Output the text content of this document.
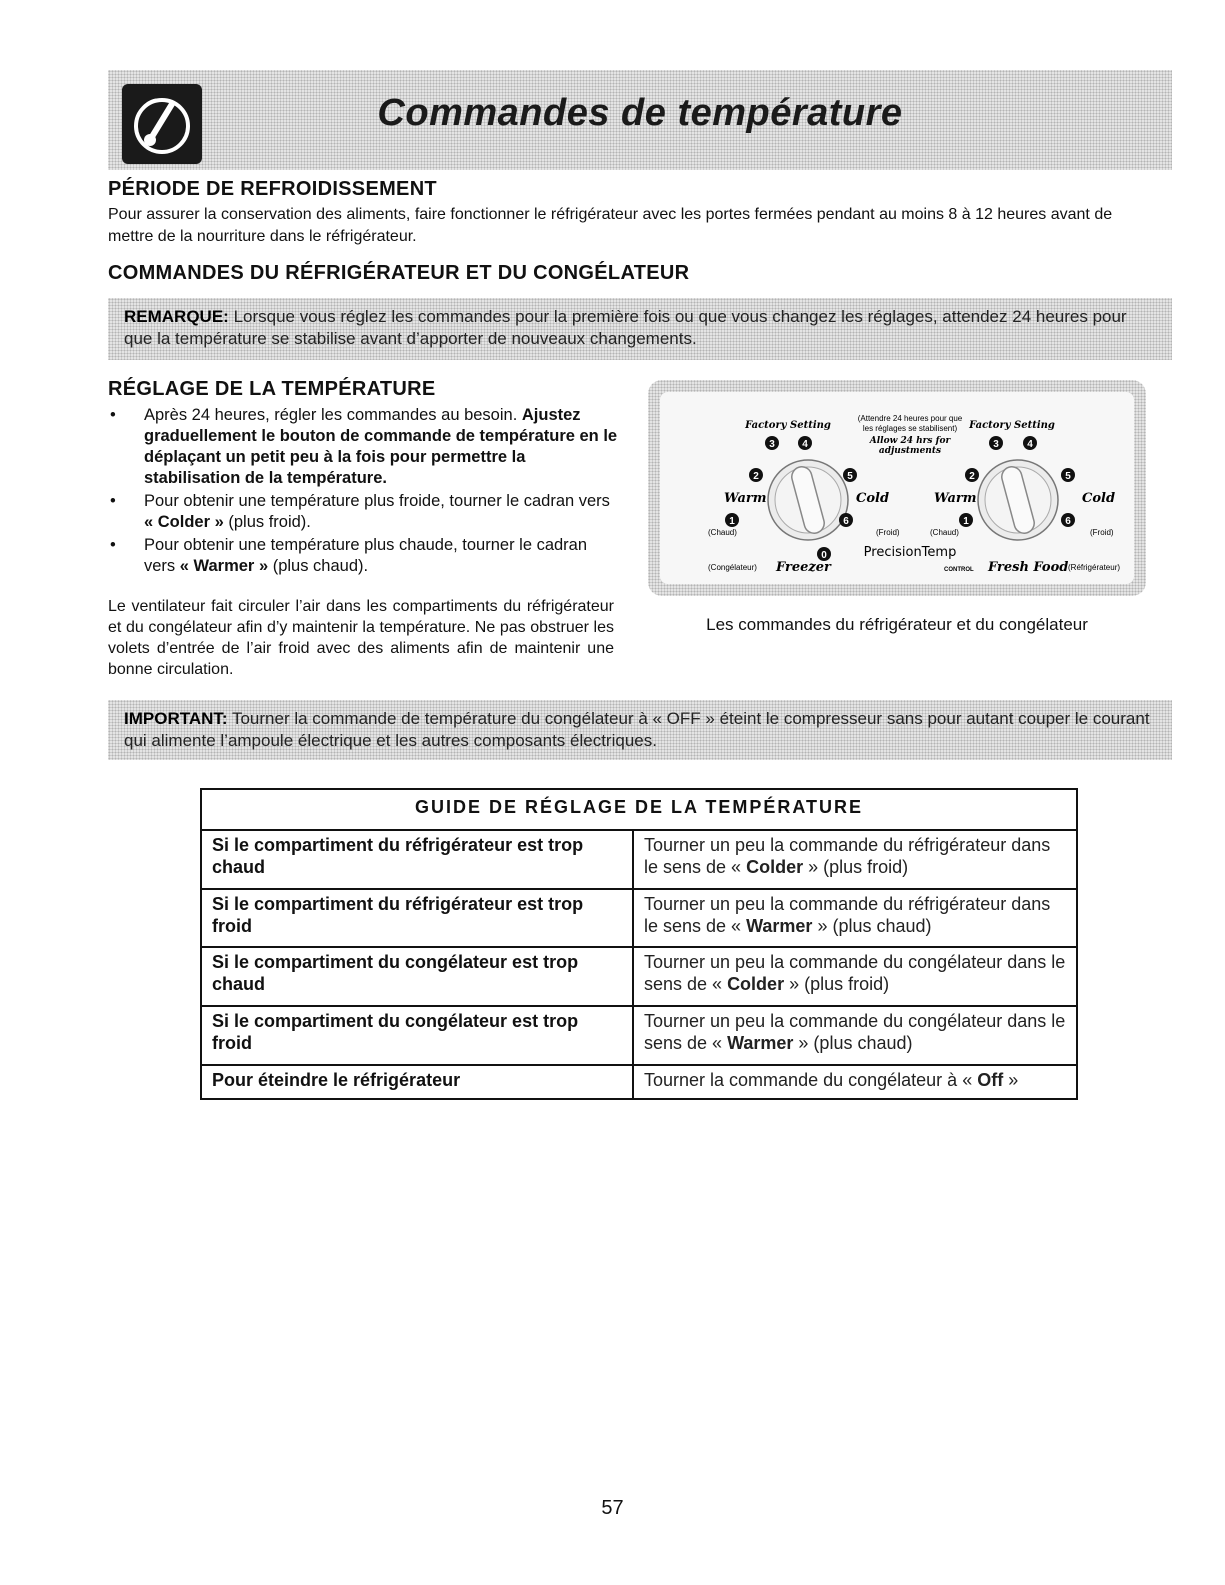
Commandes de température
PÉRIODE DE REFROIDISSEMENT

Pour assurer la conservation des aliments, faire fonctionner le réfrigérateur avec les portes fermées pendant au moins 8 à 12 heures avant de mettre de la nourriture dans le réfrigérateur.

COMMANDES DU RÉFRIGÉRATEUR ET DU CONGÉLATEUR
REMARQUE: Lorsque vous réglez les commandes pour la première fois ou que vous changez les réglages, attendez 24 heures pour que la température se stabilise avant d’apporter de nouveaux changements.
RÉGLAGE DE LA TEMPÉRATURE
• Après 24 heures, régler les commandes au besoin. Ajustez graduellement le bouton de commande de température en le déplaçant un petit peu à la fois pour permettre la stabilisation de la température.
• Pour obtenir une température plus froide, tourner le cadran vers « Colder » (plus froid).
• Pour obtenir une température plus chaude, tourner le cadran vers « Warmer » (plus chaud).

Le ventilateur fait circuler l’air dans les compartiments du réfrigérateur et du congélateur afin d’y maintenir la température. Ne pas obstruer les volets d’entrée de l’air froid avec des aliments afin de maintenir une bonne circulation.

Factory Setting
(Attendre 24 heures pour que
les réglages se stabilisent)
Allow 24 hrs for
adjustments
Factory Setting
3	4
2	5
1	6
0
Warm	Cold
(Chaud)	(Froid)
(Congélateur) Freezer
PrecisionTemp
CONTROL
3	4
2	5
1	6
Warm	Cold
(Chaud)	(Froid)
Fresh Food (Réfrigérateur)
Les commandes du réfrigérateur et du congélateur
IMPORTANT: Tourner la commande de température du congélateur à « OFF » éteint le compresseur sans pour autant couper le courant qui alimente l’ampoule électrique et les autres composants électriques.
GUIDE DE RÉGLAGE DE LA TEMPÉRATURE	
Si le compartiment du réfrigérateur est trop chaud	Tourner un peu la commande du réfrigérateur dans le sens de « Colder » (plus froid)
Si le compartiment du réfrigérateur est trop froid	Tourner un peu la commande du réfrigérateur dans le sens de « Warmer » (plus chaud)
Si le compartiment du congélateur est trop chaud	Tourner un peu la commande du congélateur dans le sens de « Colder » (plus froid)
Si le compartiment du congélateur est trop froid	Tourner un peu la commande du congélateur dans le sens de « Warmer » (plus chaud)
Pour éteindre le réfrigérateur	Tourner la commande du congélateur à « Off »
57
